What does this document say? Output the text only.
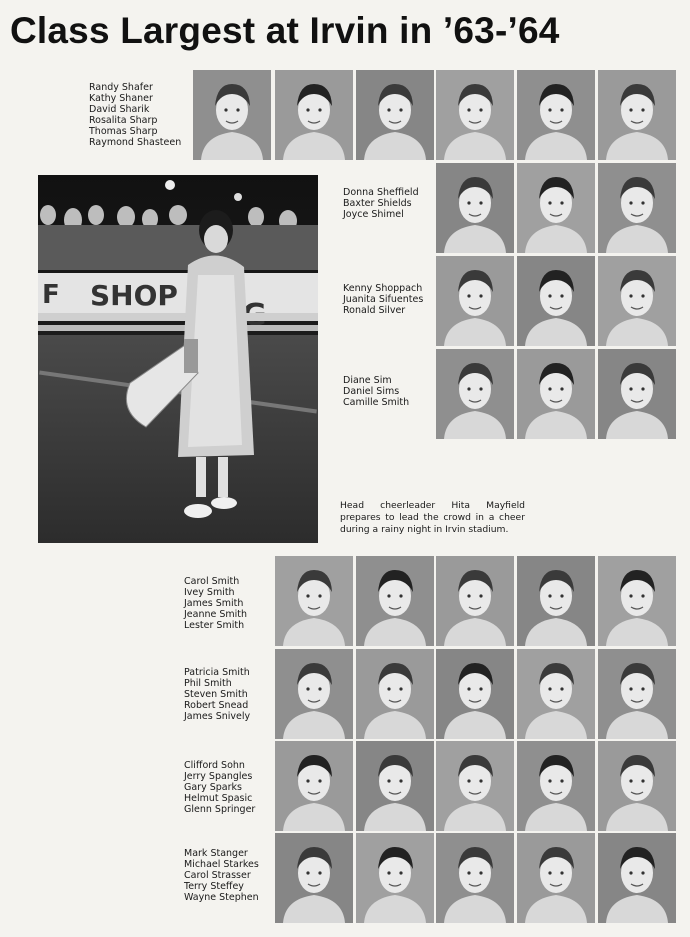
Class Largest at Irvin in ’63-’64
Randy Shafer
Kathy Shaner
David Sharik
Rosalita Sharp
Thomas Sharp
Raymond Shasteen
Donna Sheffield
Baxter Shields
Joyce Shimel
Kenny Shoppach
Juanita Sifuentes
Ronald Silver
Diane Sim
Daniel Sims
Camille Smith
Carol Smith
Ivey Smith
James Smith
Jeanne Smith
Lester Smith
Patricia Smith
Phil Smith
Steven Smith
Robert Snead
James Snively
Clifford Sohn
Jerry Spangles
Gary Sparks
Helmut Spasic
Glenn Springer
Mark Stanger
Michael Starkes
Carol Strasser
Terry Steffey
Wayne Stephen
F SHOP
Head cheerleader Hita Mayfield prepares to lead the crowd in a cheer during a rainy night in Irvin stadium.
